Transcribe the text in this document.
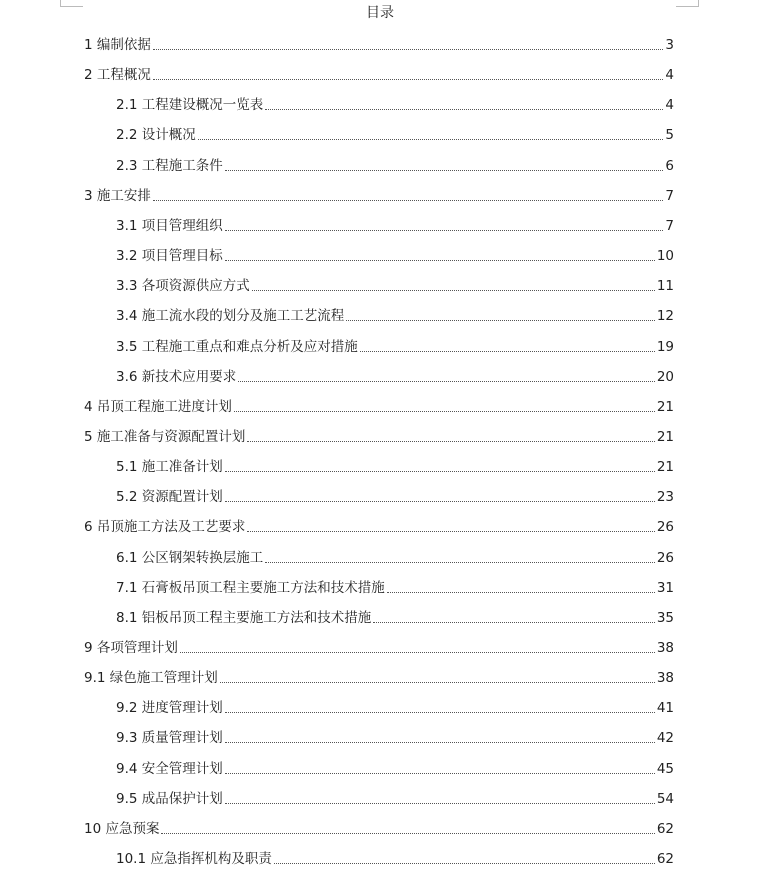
目录
1 编制依据	3
2 工程概况	4
2.1 工程建设概况一览表	4
2.2 设计概况	5
2.3 工程施工条件	6
3 施工安排	7
3.1 项目管理组织	7
3.2 项目管理目标	10
3.3 各项资源供应方式	11
3.4 施工流水段的划分及施工工艺流程	12
3.5 工程施工重点和难点分析及应对措施	19
3.6 新技术应用要求	20
4 吊顶工程施工进度计划	21
5 施工准备与资源配置计划	21
5.1 施工准备计划	21
5.2 资源配置计划	23
6 吊顶施工方法及工艺要求	26
6.1 公区钢架转换层施工	26
7.1 石膏板吊顶工程主要施工方法和技术措施	31
8.1 铝板吊顶工程主要施工方法和技术措施	35
9 各项管理计划	38
9.1 绿色施工管理计划	38
9.2 进度管理计划	41
9.3 质量管理计划	42
9.4 安全管理计划	45
9.5 成品保护计划	54
10 应急预案	62
10.1 应急指挥机构及职责	62
